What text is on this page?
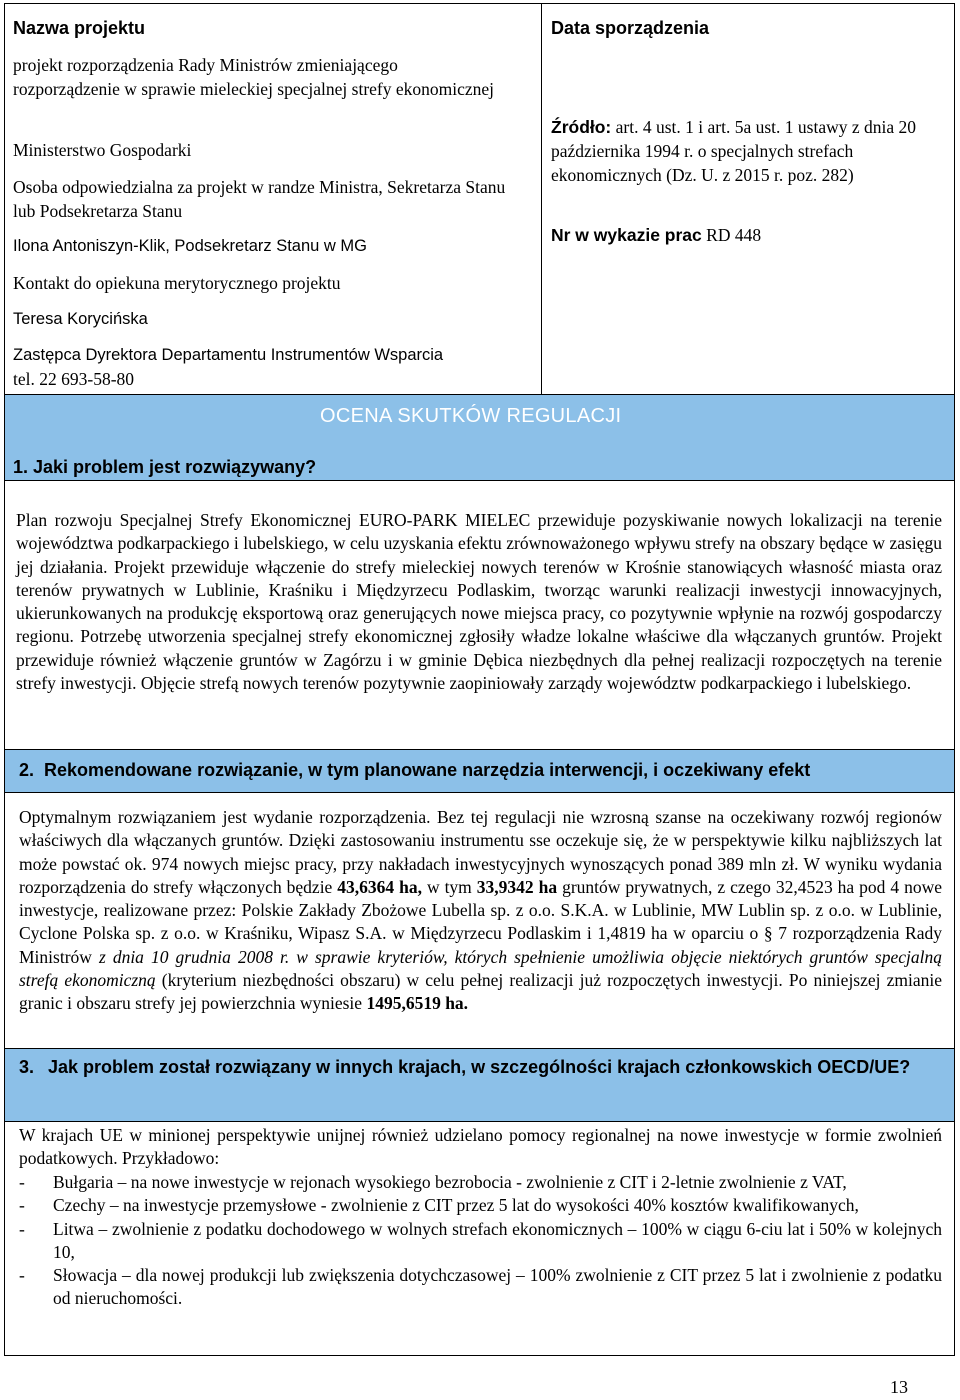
Nazwa projektu
projekt rozporządzenia Rady Ministrów zmieniającego rozporządzenie w sprawie mieleckiej specjalnej strefy ekonomicznej
Ministerstwo Gospodarki
Osoba odpowiedzialna za projekt w randze Ministra, Sekretarza Stanu lub Podsekretarza Stanu
Ilona Antoniszyn-Klik, Podsekretarz Stanu w MG
Kontakt do opiekuna merytorycznego projektu
Teresa Korycińska
Zastępca Dyrektora Departamentu Instrumentów Wsparcia
tel. 22 693-58-80
Data sporządzenia
Źródło: art. 4 ust. 1 i art. 5a ust. 1 ustawy z dnia 20 października 1994 r. o specjalnych strefach ekonomicznych (Dz. U. z 2015 r. poz. 282)
Nr w wykazie prac RD 448
OCENA SKUTKÓW REGULACJI
1. Jaki problem jest rozwiązywany?
Plan rozwoju Specjalnej Strefy Ekonomicznej EURO-PARK MIELEC przewiduje pozyskiwanie nowych lokalizacji na terenie województwa podkarpackiego i lubelskiego, w celu uzyskania efektu zrównoważonego wpływu strefy na obszary będące w zasięgu jej działania. Projekt przewiduje włączenie do strefy mieleckiej nowych terenów w Krośnie stanowiących własność miasta oraz terenów prywatnych w Lublinie, Kraśniku i Międzyrzecu Podlaskim, tworząc warunki realizacji inwestycji innowacyjnych, ukierunkowanych na produkcję eksportową oraz generujących nowe miejsca pracy, co pozytywnie wpłynie na rozwój gospodarczy regionu. Potrzebę utworzenia specjalnej strefy ekonomicznej zgłosiły władze lokalne właściwe dla włączanych gruntów. Projekt przewiduje również włączenie gruntów w Zagórzu i w gminie Dębica niezbędnych dla pełnej realizacji rozpoczętych na terenie strefy inwestycji. Objęcie strefą nowych terenów pozytywnie zaopiniowały zarządy województw podkarpackiego i lubelskiego.
2. Rekomendowane rozwiązanie, w tym planowane narzędzia interwencji, i oczekiwany efekt
Optymalnym rozwiązaniem jest wydanie rozporządzenia. Bez tej regulacji nie wzrosną szanse na oczekiwany rozwój regionów właściwych dla włączanych gruntów. Dzięki zastosowaniu instrumentu sse oczekuje się, że w perspektywie kilku najbliższych lat może powstać ok. 974 nowych miejsc pracy, przy nakładach inwestycyjnych wynoszących ponad 389 mln zł. W wyniku wydania rozporządzenia do strefy włączonych będzie 43,6364 ha, w tym 33,9342 ha gruntów prywatnych, z czego 32,4523 ha pod 4 nowe inwestycje, realizowane przez: Polskie Zakłady Zbożowe Lubella sp. z o.o. S.K.A. w Lublinie, MW Lublin sp. z o.o. w Lublinie, Cyclone Polska sp. z o.o. w Kraśniku, Wipasz S.A. w Międzyrzecu Podlaskim i 1,4819 ha w oparciu o § 7 rozporządzenia Rady Ministrów z dnia 10 grudnia 2008 r. w sprawie kryteriów, których spełnienie umożliwia objęcie niektórych gruntów specjalną strefą ekonomiczną (kryterium niezbędności obszaru) w celu pełnej realizacji już rozpoczętych inwestycji. Po niniejszej zmianie granic i obszaru strefy jej powierzchnia wyniesie 1495,6519 ha.
3. Jak problem został rozwiązany w innych krajach, w szczególności krajach członkowskich OECD/UE?
W krajach UE w minionej perspektywie unijnej również udzielano pomocy regionalnej na nowe inwestycje w formie zwolnień podatkowych. Przykładowo:
-	Bułgaria – na nowe inwestycje w rejonach wysokiego bezrobocia - zwolnienie z CIT i 2-letnie zwolnienie z VAT,
-	Czechy – na inwestycje przemysłowe - zwolnienie z CIT przez 5 lat do wysokości 40% kosztów kwalifikowanych,
-	Litwa – zwolnienie z podatku dochodowego w wolnych strefach ekonomicznych – 100% w ciągu 6-ciu lat i 50% w kolejnych 10,
-	Słowacja – dla nowej produkcji lub zwiększenia dotychczasowej – 100% zwolnienie z CIT przez 5 lat i zwolnienie z podatku od nieruchomości.
13
